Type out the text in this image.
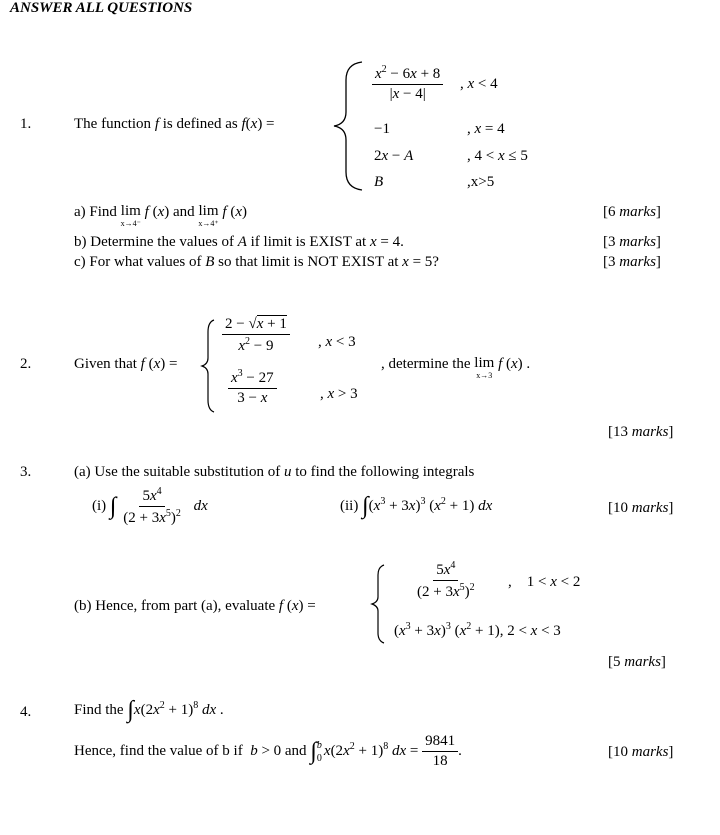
ANSWER ALL QUESTIONS
1.	The function f is defined as f(x) =
$\frac{x^2 - 6x + 8}{|x - 4|}$ , x < 4
−1	, x = 4
2x − A	, 4 < x ≤ 5
B	,x>5
a) Find lim
x→4⁻
f (x) and lim
x→4⁺
f (x)	[6 marks]
b) Determine the values of A if limit is EXIST at x = 4.	[3 marks]
c) For what values of B so that limit is NOT EXIST at x = 5?	[3 marks]
2.	Given that f (x) =
$\frac{2 - √x + 1}{x^2 - 9}$ , x < 3
$\frac{x^3 - 27}{3 - x}$	, x > 3
, determine the lim
x→3
f (x) .
[13 marks]
3.	(a) Use the suitable substitution of u to find the following integrals
(i) ∫ $\frac{5x^4}{(2 + 3x^5)^2}$ dx	(ii) $\int(x^3 + 3x)^3$ $(x^2 + 1)$ dx	[10 marks]
(b) Hence, from part (a), evaluate f (x) =
$\frac{5x^4}{(2 + 3x^5)^2}$ ,    1 < x < 2
$(x^3 + 3x)^3$ $(x^2 + 1)$, 2 < x < 3
[5 marks]
4.	Find the $\int x(2x^2 + 1)^8$ dx .
Hence, find the value of b if  b > 0 and ∫ b
0 $x(2x^2 + 1)^8$ dx = $\frac{9841}{18}$ .	[10 marks]
